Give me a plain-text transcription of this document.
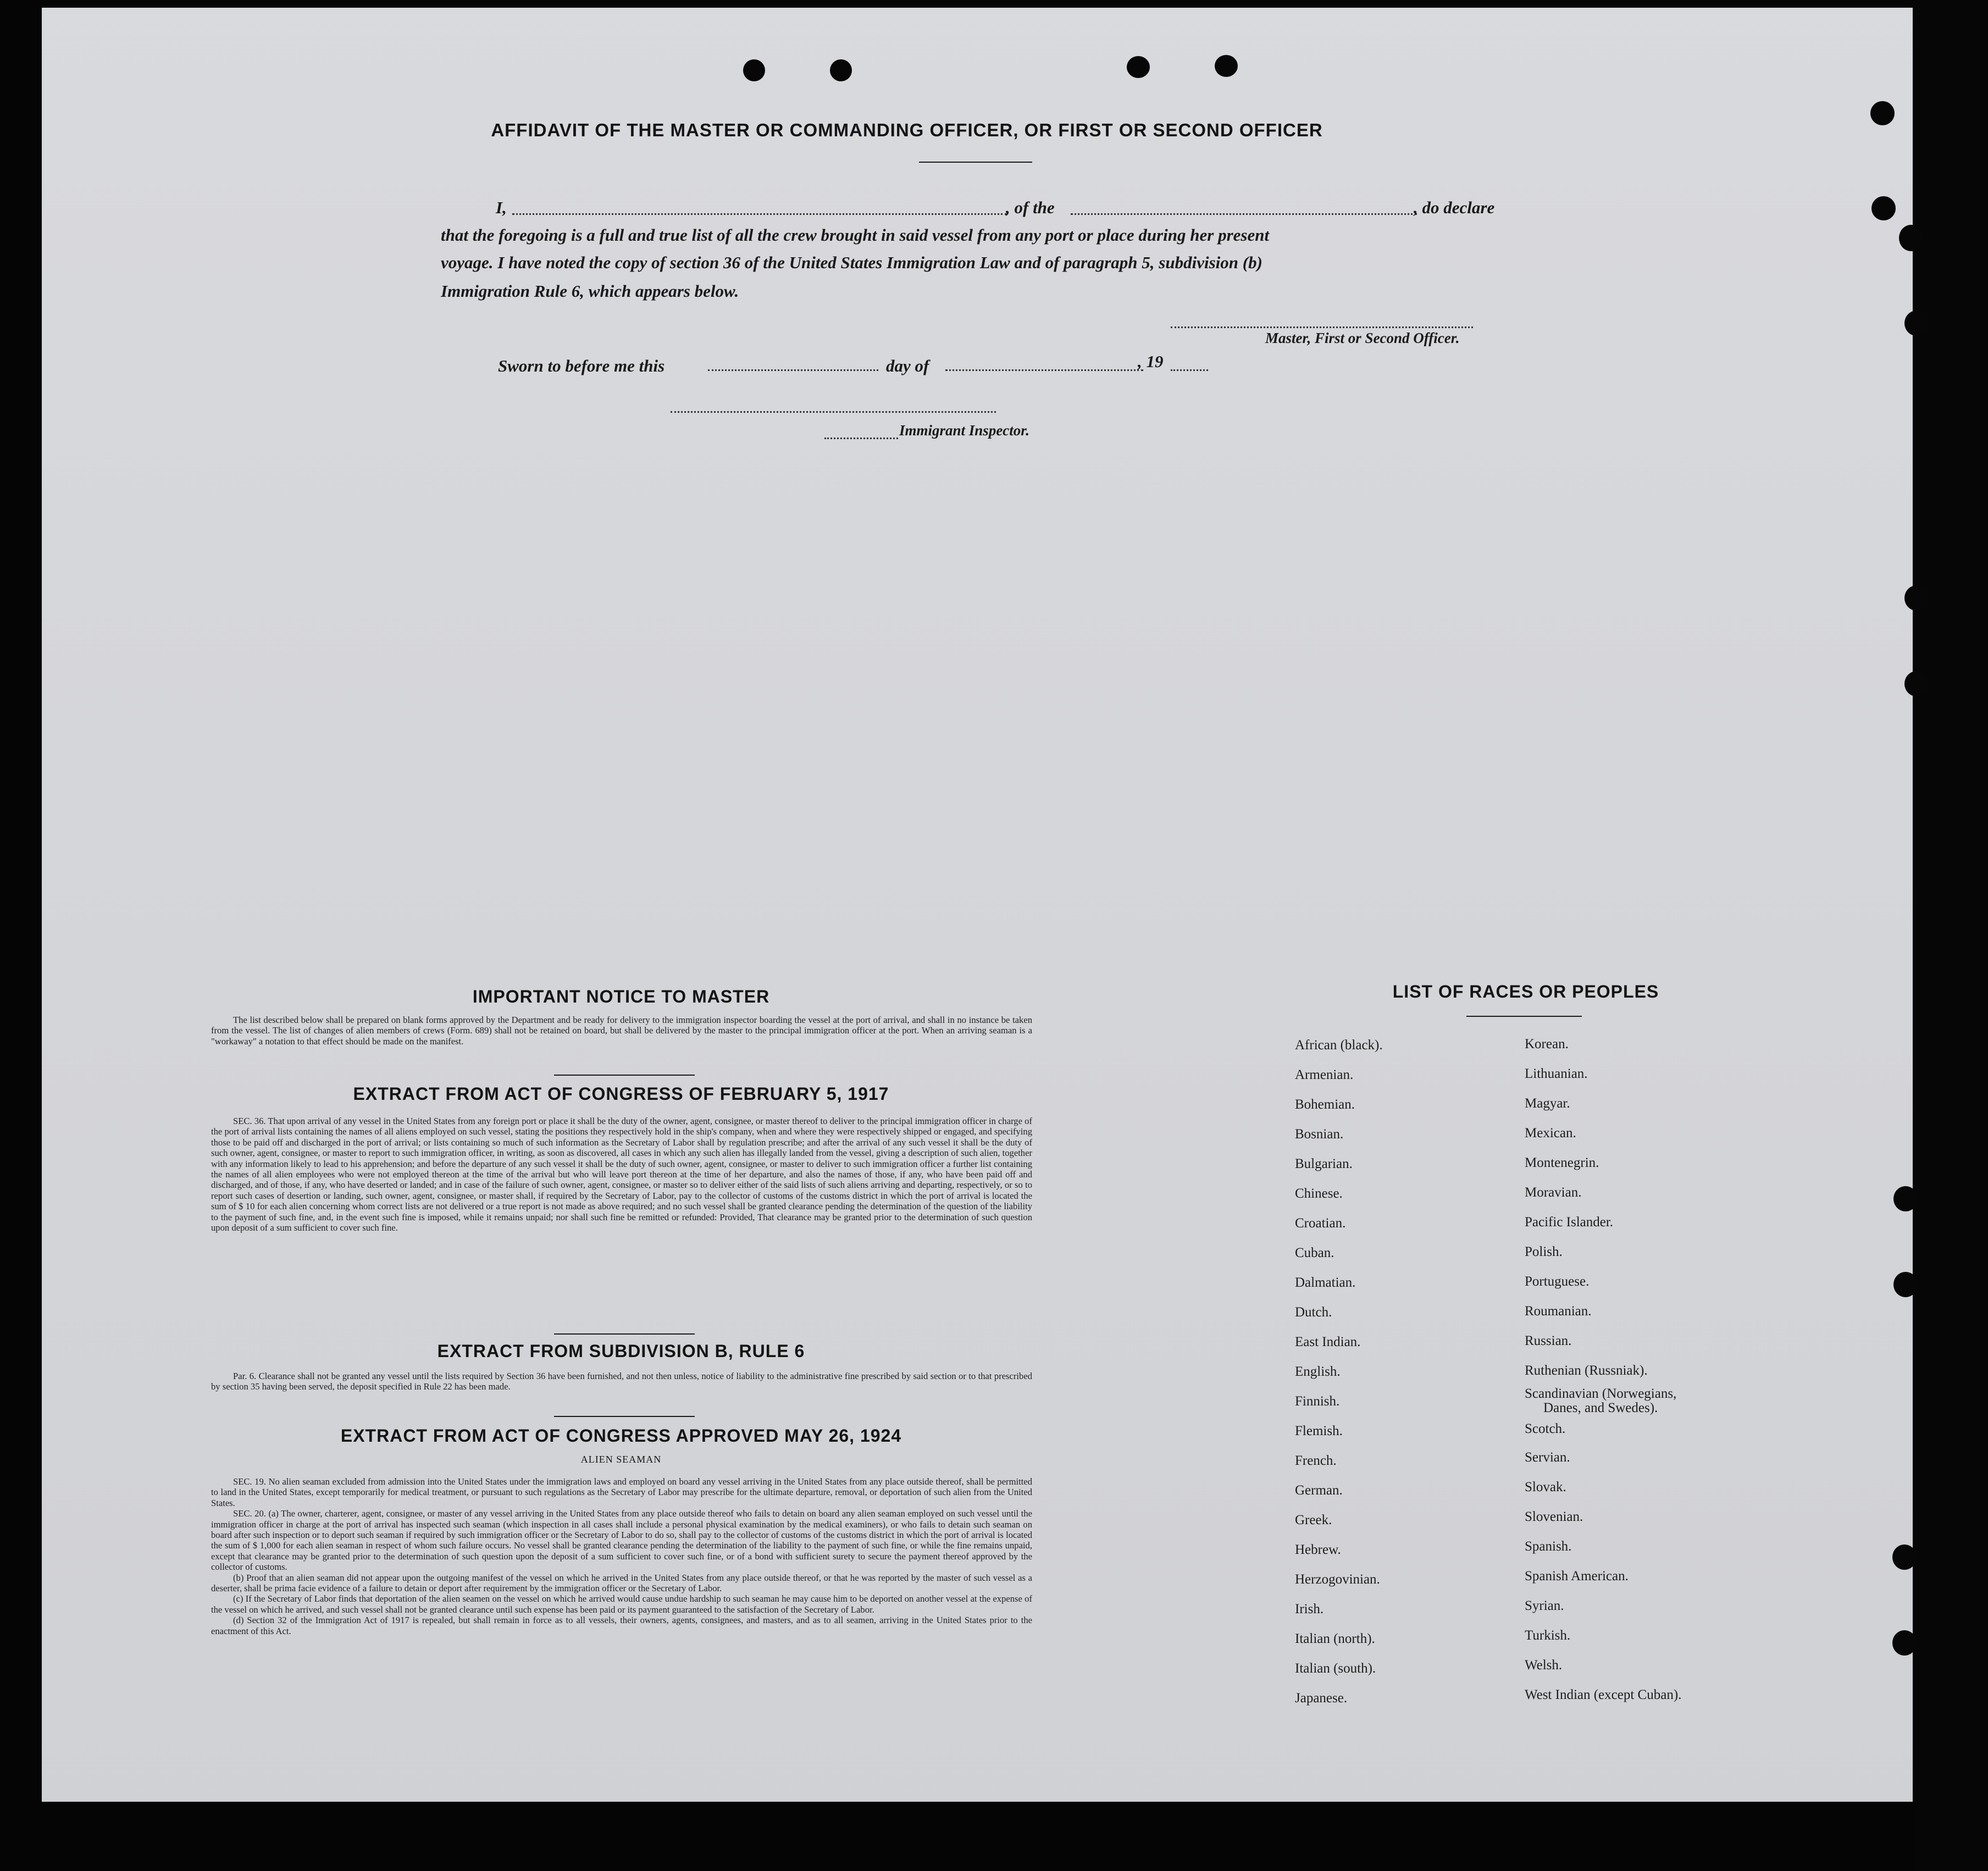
AFFIDAVIT OF THE MASTER OR COMMANDING OFFICER, OR FIRST OR SECOND OFFICER
I,	, of the	, do declare
that the foregoing is a full and true list of all the crew brought in said vessel from any port or place during her present
voyage. I have noted the copy of section 36 of the United States Immigration Law and of paragraph 5, subdivision (b)
Immigration Rule 6, which appears below.
Master, First or Second Officer.
Sworn to before me this	day of	, 19
Immigrant Inspector.
IMPORTANT NOTICE TO MASTER

The list described below shall be prepared on blank forms approved by the Department and be ready for delivery to the immigration inspector boarding the vessel at the port of arrival, and shall in no instance be taken from the vessel. The list of changes of alien members of crews (Form. 689) shall not be retained on board, but shall be delivered by the master to the principal immigration officer at the port. When an arriving seaman is a "workaway" a notation to that effect should be made on the manifest.

EXTRACT FROM ACT OF CONGRESS OF FEBRUARY 5, 1917

SEC. 36. That upon arrival of any vessel in the United States from any foreign port or place it shall be the duty of the owner, agent, consignee, or master thereof to deliver to the principal immigration officer in charge of the port of arrival lists containing the names of all aliens employed on such vessel, stating the positions they respectively hold in the ship's company, when and where they were respectively shipped or engaged, and specifying those to be paid off and discharged in the port of arrival; or lists containing so much of such information as the Secretary of Labor shall by regulation prescribe; and after the arrival of any such vessel it shall be the duty of such owner, agent, consignee, or master to report to such immigration officer, in writing, as soon as discovered, all cases in which any such alien has illegally landed from the vessel, giving a description of such alien, together with any information likely to lead to his apprehension; and before the departure of any such vessel it shall be the duty of such owner, agent, consignee, or master to deliver to such immigration officer a further list containing the names of all alien employees who were not employed thereon at the time of the arrival but who will leave port thereon at the time of her departure, and also the names of those, if any, who have been paid off and discharged, and of those, if any, who have deserted or landed; and in case of the failure of such owner, agent, consignee, or master so to deliver either of the said lists of such aliens arriving and departing, respectively, or so to report such cases of desertion or landing, such owner, agent, consignee, or master shall, if required by the Secretary of Labor, pay to the collector of customs of the customs district in which the port of arrival is located the sum of $ 10 for each alien concerning whom correct lists are not delivered or a true report is not made as above required; and no such vessel shall be granted clearance pending the determination of the question of the liability to the payment of such fine, and, in the event such fine is imposed, while it remains unpaid; nor shall such fine be remitted or refunded: Provided, That clearance may be granted prior to the determination of such question upon deposit of a sum sufficient to cover such fine.

EXTRACT FROM SUBDIVISION B, RULE 6

Par. 6. Clearance shall not be granted any vessel until the lists required by Section 36 have been furnished, and not then unless, notice of liability to the administrative fine prescribed by said section or to that prescribed by section 35 having been served, the deposit specified in Rule 22 has been made.

EXTRACT FROM ACT OF CONGRESS APPROVED MAY 26, 1924
ALIEN SEAMAN

SEC. 19. No alien seaman excluded from admission into the United States under the immigration laws and employed on board any vessel arriving in the United States from any place outside thereof, shall be permitted to land in the United States, except temporarily for medical treatment, or pursuant to such regulations as the Secretary of Labor may prescribe for the ultimate departure, removal, or deportation of such alien from the United States.

SEC. 20. (a) The owner, charterer, agent, consignee, or master of any vessel arriving in the United States from any place outside thereof who fails to detain on board any alien seaman employed on such vessel until the immigration officer in charge at the port of arrival has inspected such seaman (which inspection in all cases shall include a personal physical examination by the medical examiners), or who fails to detain such seaman on board after such inspection or to deport such seaman if required by such immigration officer or the Secretary of Labor to do so, shall pay to the collector of customs of the customs district in which the port of arrival is located the sum of $ 1,000 for each alien seaman in respect of whom such failure occurs. No vessel shall be granted clearance pending the determination of the liability to the payment of such fine, or while the fine remains unpaid, except that clearance may be granted prior to the determination of such question upon the deposit of a sum sufficient to cover such fine, or of a bond with sufficient surety to secure the payment thereof approved by the collector of customs.

(b) Proof that an alien seaman did not appear upon the outgoing manifest of the vessel on which he arrived in the United States from any place outside thereof, or that he was reported by the master of such vessel as a deserter, shall be prima facie evidence of a failure to detain or deport after requirement by the immigration officer or the Secretary of Labor.

(c) If the Secretary of Labor finds that deportation of the alien seamen on the vessel on which he arrived would cause undue hardship to such seaman he may cause him to be deported on another vessel at the expense of the vessel on which he arrived, and such vessel shall not be granted clearance until such expense has been paid or its payment guaranteed to the satisfaction of the Secretary of Labor.

(d) Section 32 of the Immigration Act of 1917 is repealed, but shall remain in force as to all vessels, their owners, agents, consignees, and masters, and as to all seamen, arriving in the United States prior to the enactment of this Act.

LIST OF RACES OR PEOPLES
African (black).
Armenian.
Bohemian.
Bosnian.
Bulgarian.
Chinese.
Croatian.
Cuban.
Dalmatian.
Dutch.
East Indian.
English.
Finnish.
Flemish.
French.
German.
Greek.
Hebrew.
Herzogovinian.
Irish.
Italian (north).
Italian (south).
Japanese.
Korean.
Lithuanian.
Magyar.
Mexican.
Montenegrin.
Moravian.
Pacific Islander.
Polish.
Portuguese.
Roumanian.
Russian.
Ruthenian (Russniak).
Scandinavian (Norwegians,
Danes, and Swedes).
Scotch.
Servian.
Slovak.
Slovenian.
Spanish.
Spanish American.
Syrian.
Turkish.
Welsh.
West Indian (except Cuban).
